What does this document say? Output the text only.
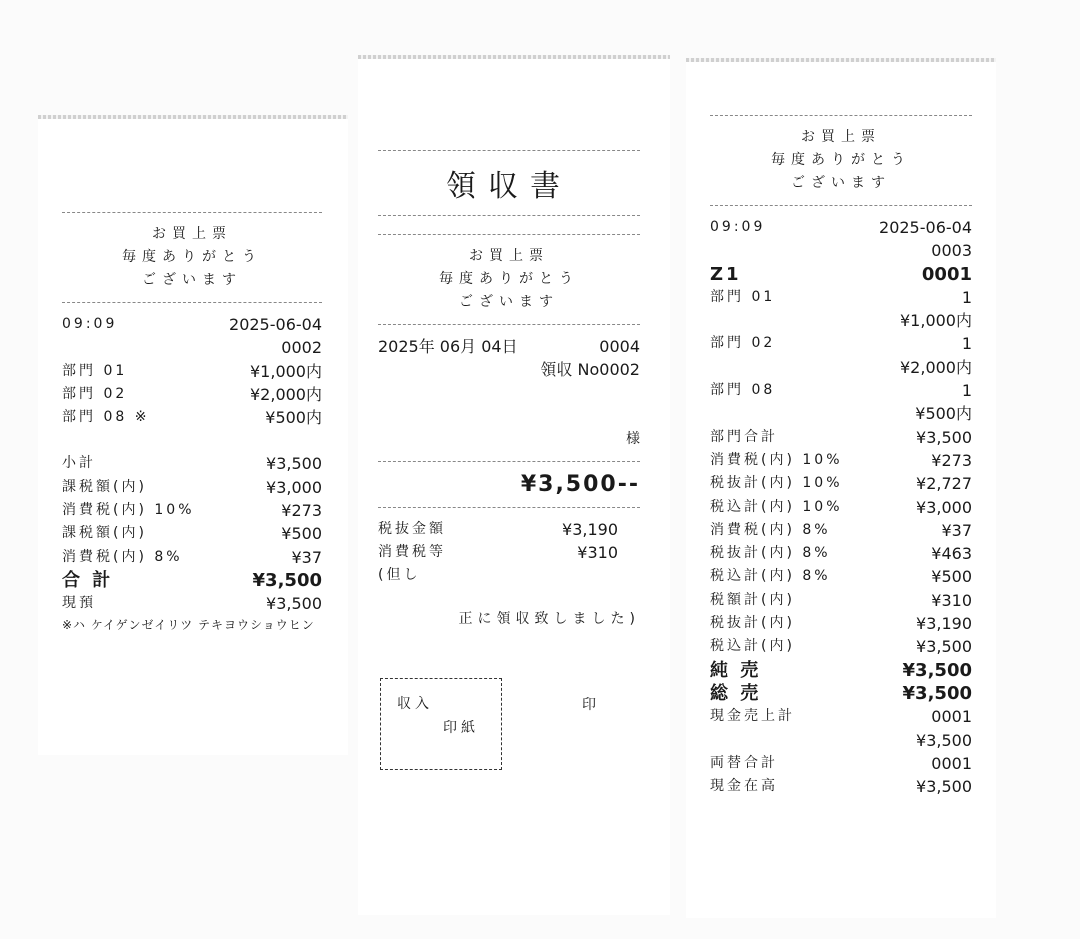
お買上票
毎度ありがとう
ございます
09:09	2025-06-04
0002
部門 01	¥1,000内
部門 02	¥2,000内
部門 08 ※	¥500内
小計	¥3,500
課税額(内)	¥3,000
消費税(内) 10%	¥273
課税額(内)	¥500
消費税(内) 8%	¥37
合 計	¥3,500
現預	¥3,500
※ハ ケイゲンゼイリツ テキヨウショウヒン
領収書
お買上票
毎度ありがとう
ございます
2025年 06月 04日	0004
領収 No0002
様
¥3,500--
税抜金額	¥3,190
消費税等	¥310
(但し
正に領収致しました)
収入
印紙
印
お買上票
毎度ありがとう
ございます
09:09	2025-06-04
0003
Z1	0001
部門 01	1
¥1,000内
部門 02	1
¥2,000内
部門 08	1
¥500内
部門合計	¥3,500
消費税(内) 10%	¥273
税抜計(内) 10%	¥2,727
税込計(内) 10%	¥3,000
消費税(内) 8%	¥37
税抜計(内) 8%	¥463
税込計(内) 8%	¥500
税額計(内)	¥310
税抜計(内)	¥3,190
税込計(内)	¥3,500
純 売	¥3,500
総 売	¥3,500
現金売上計	0001
¥3,500
両替合計	0001
現金在高	¥3,500
